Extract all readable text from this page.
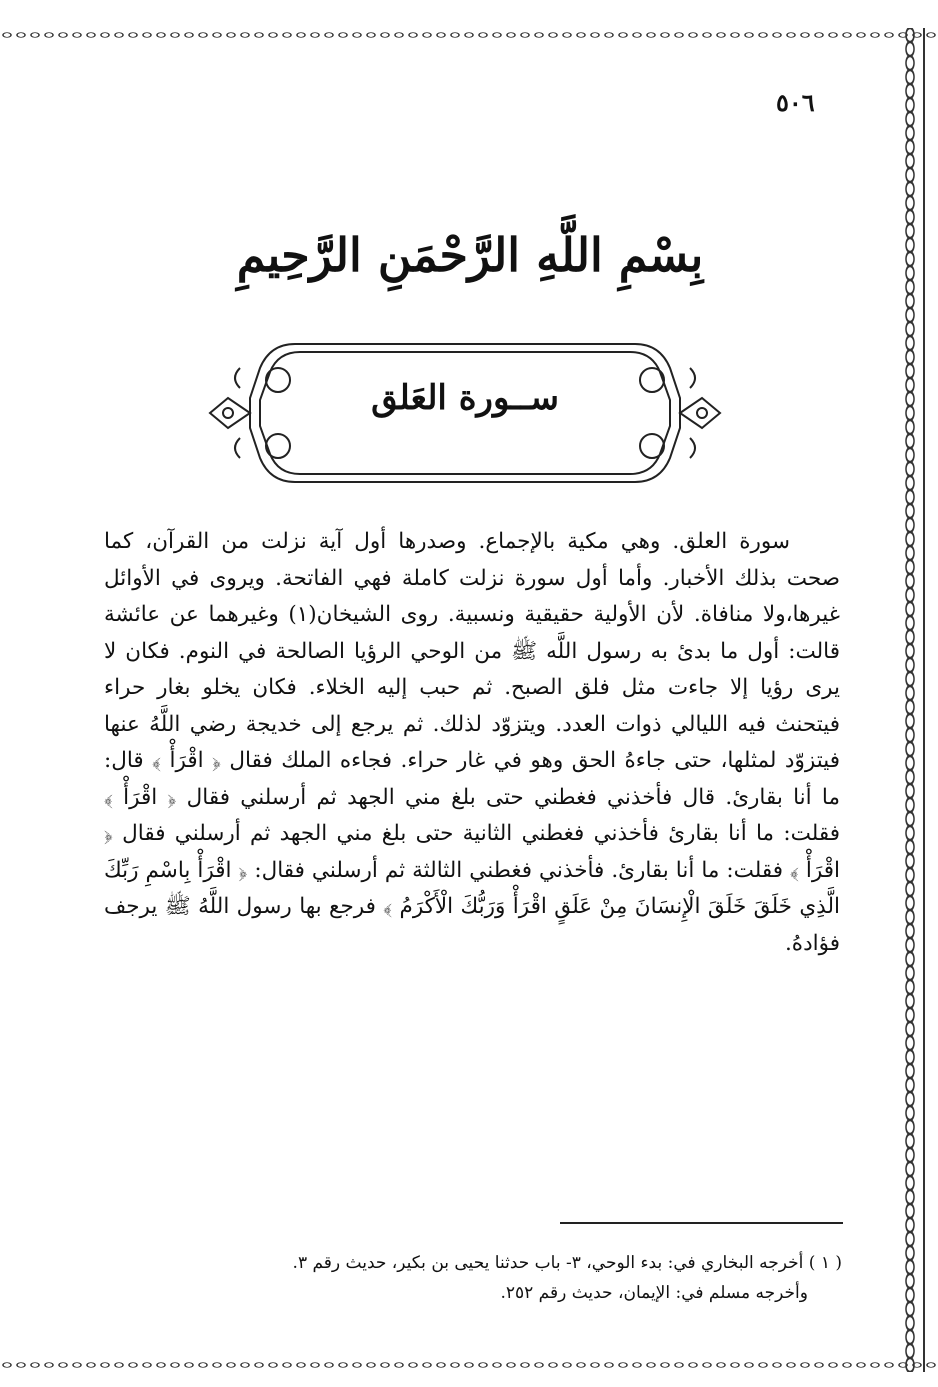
٥٠٦
بِسْمِ اللَّهِ الرَّحْمَنِ الرَّحِيمِ
ســورة العَلق

سورة العلق. وهي مكية بالإجماع. وصدرها أول آية نزلت من القرآن، كما صحت بذلك الأخبار. وأما أول سورة نزلت كاملة فهي الفاتحة. ويروى في الأوائل غيرها،ولا منافاة. لأن الأولية حقيقية ونسبية. روى الشيخان(١) وغيرهما عن عائشة قالت: أول ما بدئ به رسول اللَّه ﷺ من الوحي الرؤيا الصالحة في النوم. فكان لا يرى رؤيا إلا جاءت مثل فلق الصبح. ثم حبب إليه الخلاء. فكان يخلو بغار حراء فيتحنث فيه الليالي ذوات العدد. ويتزوّد لذلك. ثم يرجع إلى خديجة رضي اللَّهُ عنها فيتزوّد لمثلها، حتى جاءهُ الحق وهو في غار حراء. فجاءه الملك فقال ﴿ اقْرَأْ ﴾ قال: ما أنا بقارئ. قال فأخذني فغطني حتى بلغ مني الجهد ثم أرسلني فقال ﴿ اقْرَأْ ﴾ فقلت: ما أنا بقارئ فأخذني فغطني الثانية حتى بلغ مني الجهد ثم أرسلني فقال ﴿ اقْرَأْ ﴾ فقلت: ما أنا بقارئ. فأخذني فغطني الثالثة ثم أرسلني فقال: ﴿ اقْرَأْ بِاسْمِ رَبِّكَ الَّذِي خَلَقَ خَلَقَ الْإِنسَانَ مِنْ عَلَقٍ اقْرَأْ وَرَبُّكَ الْأَكْرَمُ ﴾ فرجع بها رسول اللَّهُ ﷺ يرجف فؤادهُ.

( ١ ) أخرجه البخاري في: بدء الوحي، ٣- باب حدثنا يحيى بن بكير، حديث رقم ٣.
وأخرجه مسلم في: الإيمان، حديث رقم ٢٥٢.
